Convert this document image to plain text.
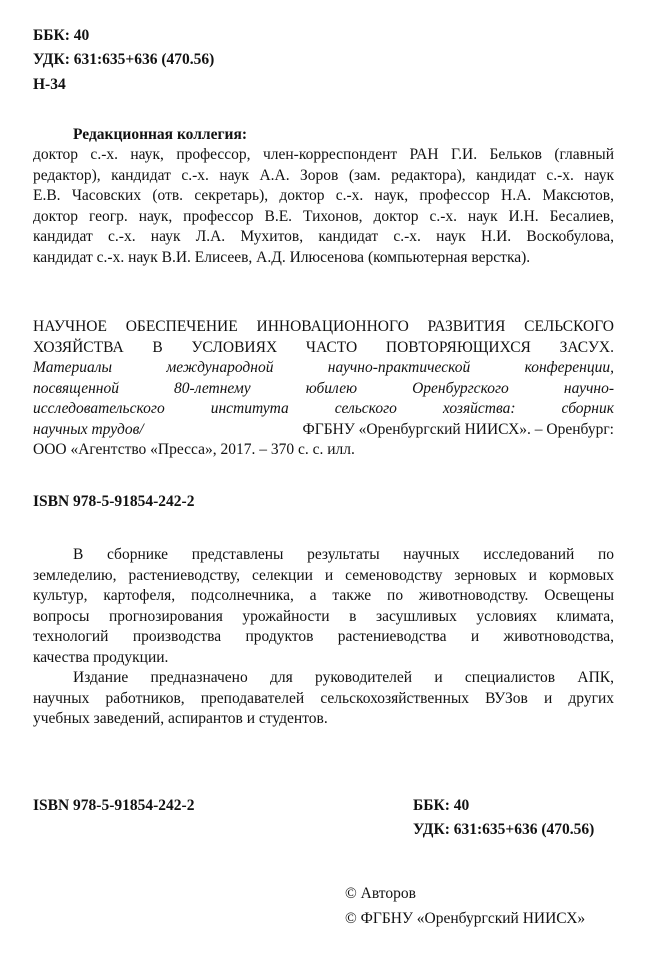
ББК: 40
УДК: 631:635+636 (470.56)
Н-34
Редакционная коллегия:
доктор с.-х. наук, профессор, член-корреспондент РАН Г.И. Бельков (главный
редактор), кандидат с.-х. наук А.А. Зоров (зам. редактора), кандидат с.-х. наук
Е.В. Часовских (отв. секретарь), доктор с.-х. наук, профессор Н.А. Максютов,
доктор геогр. наук, профессор В.Е. Тихонов, доктор с.-х. наук И.Н. Бесалиев,
кандидат с.-х. наук Л.А. Мухитов, кандидат с.-х. наук Н.И. Воскобулова,
кандидат с.-х. наук В.И. Елисеев, А.Д. Илюсенова (компьютерная верстка).
НАУЧНОЕ ОБЕСПЕЧЕНИЕ ИННОВАЦИОННОГО РАЗВИТИЯ СЕЛЬСКОГО
ХОЗЯЙСТВА В УСЛОВИЯХ ЧАСТО ПОВТОРЯЮЩИХСЯ ЗАСУХ.
Материалы международной научно-практической конференции,
посвященной 80-летнему юбилею Оренбургского научно-
исследовательского института сельского хозяйства: сборник
научных трудов/	ФГБНУ «Оренбургский НИИСХ». – Оренбург:
ООО «Агентство «Пресса», 2017. – 370 с. с. илл.
ISBN 978-5-91854-242-2
В сборнике представлены результаты научных исследований по
земледелию, растениеводству, селекции и семеноводству зерновых и кормовых
культур, картофеля, подсолнечника, а также по животноводству. Освещены
вопросы прогнозирования урожайности в засушливых условиях климата,
технологий производства продуктов растениеводства и животноводства,
качества продукции.
Издание предназначено для руководителей и специалистов АПК,
научных работников, преподавателей сельскохозяйственных ВУЗов и других
учебных заведений, аспирантов и студентов.
ISBN 978-5-91854-242-2	ББК: 40
УДК: 631:635+636 (470.56)
© Авторов
© ФГБНУ «Оренбургский НИИСХ»
